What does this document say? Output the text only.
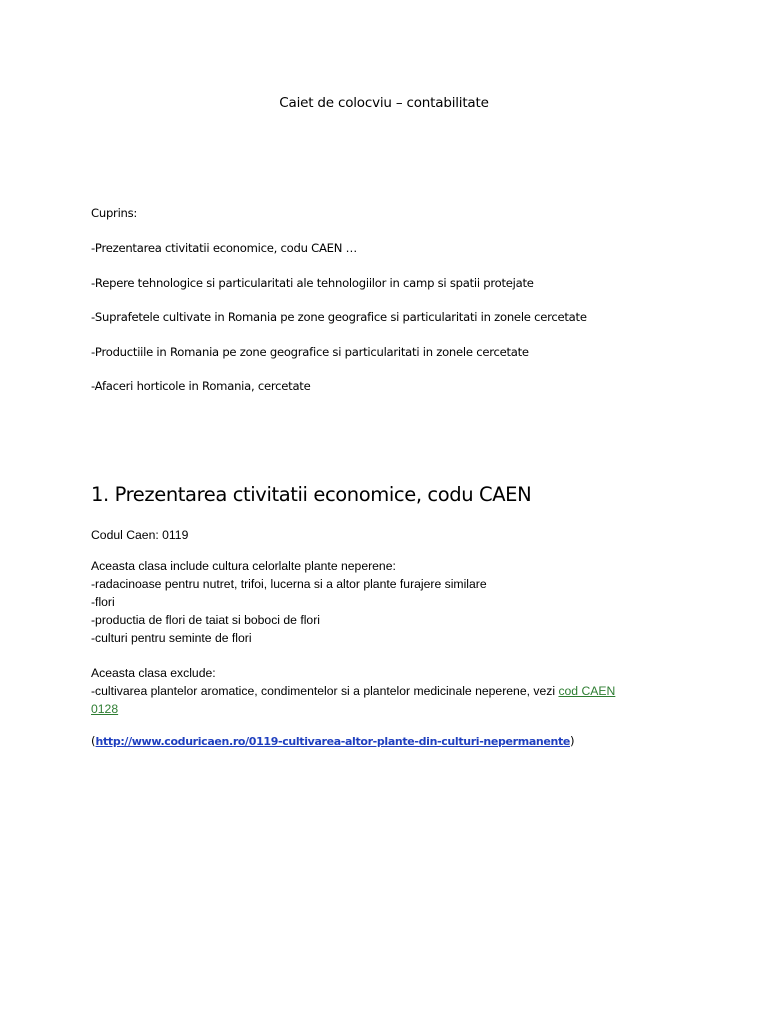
Caiet de colocviu – contabilitate
Cuprins:
-Prezentarea ctivitatii economice, codu CAEN …
-Repere tehnologice si particularitati ale tehnologiilor in camp si spatii protejate
-Suprafetele cultivate in Romania pe zone geografice si particularitati in zonele cercetate
-Productiile in Romania pe zone geografice si particularitati in zonele cercetate
-Afaceri horticole in Romania, cercetate
1. Prezentarea ctivitatii economice, codu CAEN
Codul Caen: 0119
Aceasta clasa include cultura celorlalte plante neperene:
-radacinoase pentru nutret, trifoi, lucerna si a altor plante furajere similare
-flori
-productia de flori de taiat si boboci de flori
-culturi pentru seminte de flori
Aceasta clasa exclude:
-cultivarea plantelor aromatice, condimentelor si a plantelor medicinale neperene, vezi cod CAEN
0128
(http://www.coduricaen.ro/0119-cultivarea-altor-plante-din-culturi-nepermanente)
